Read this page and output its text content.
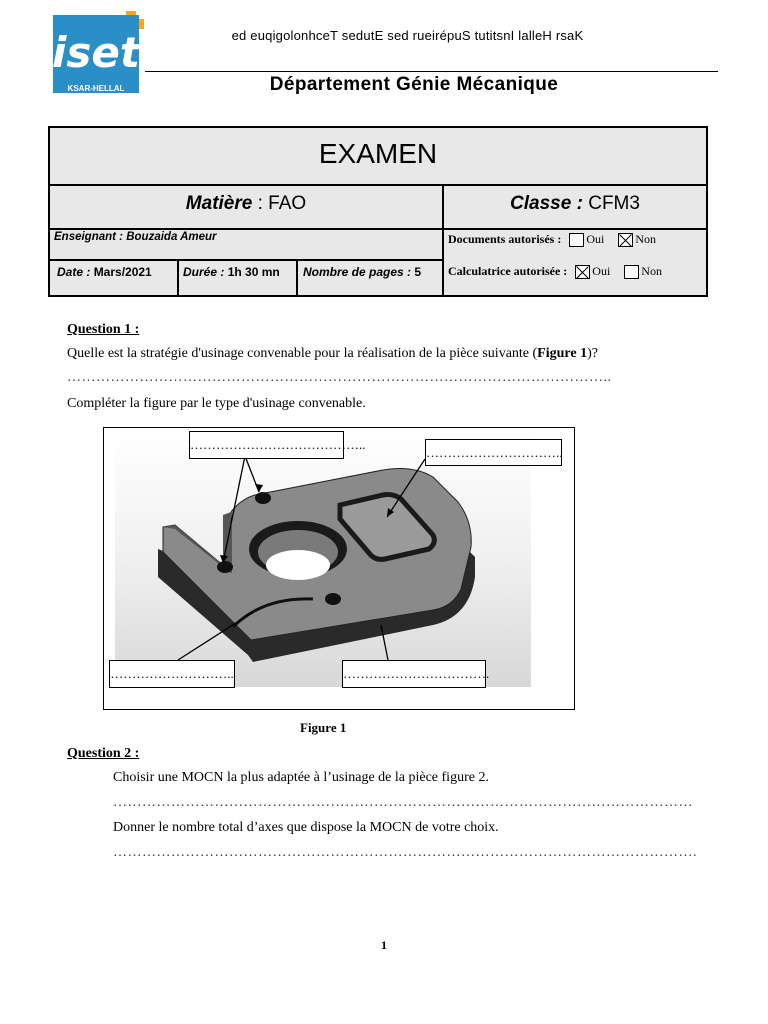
iset
KSAR-HELLAL
ed euqigolonhceT sedutE sed rueirépuS tutitsnI lalleH rsaK
Département Génie Mécanique
EXAMEN
Matière : FAO	Classe : CFM3
Enseignant : Bouzaida Ameur
Date : Mars/2021	Durée : 1h 30 mn Nombre de pages : 5
Documents autorisés : Oui	Non
Calculatrice autorisée : Oui	Non
Question 1 :
Quelle est la stratégie d'usinage convenable pour la réalisation de la pièce suivante (Figure 1)?
…………………………………………………………………………………………………..
Compléter la figure par le type d'usinage convenable.
…………………………………..
…………………………..
………………………..	…………………………….
Figure 1
Question 2 :
Choisir une MOCN la plus adaptée à l’usinage de la pièce figure 2.
…………………………………………………………………………………………………………
Donner le nombre total d’axes que dispose la MOCN de votre choix.
………………………………………………………………………………………………………….
1
